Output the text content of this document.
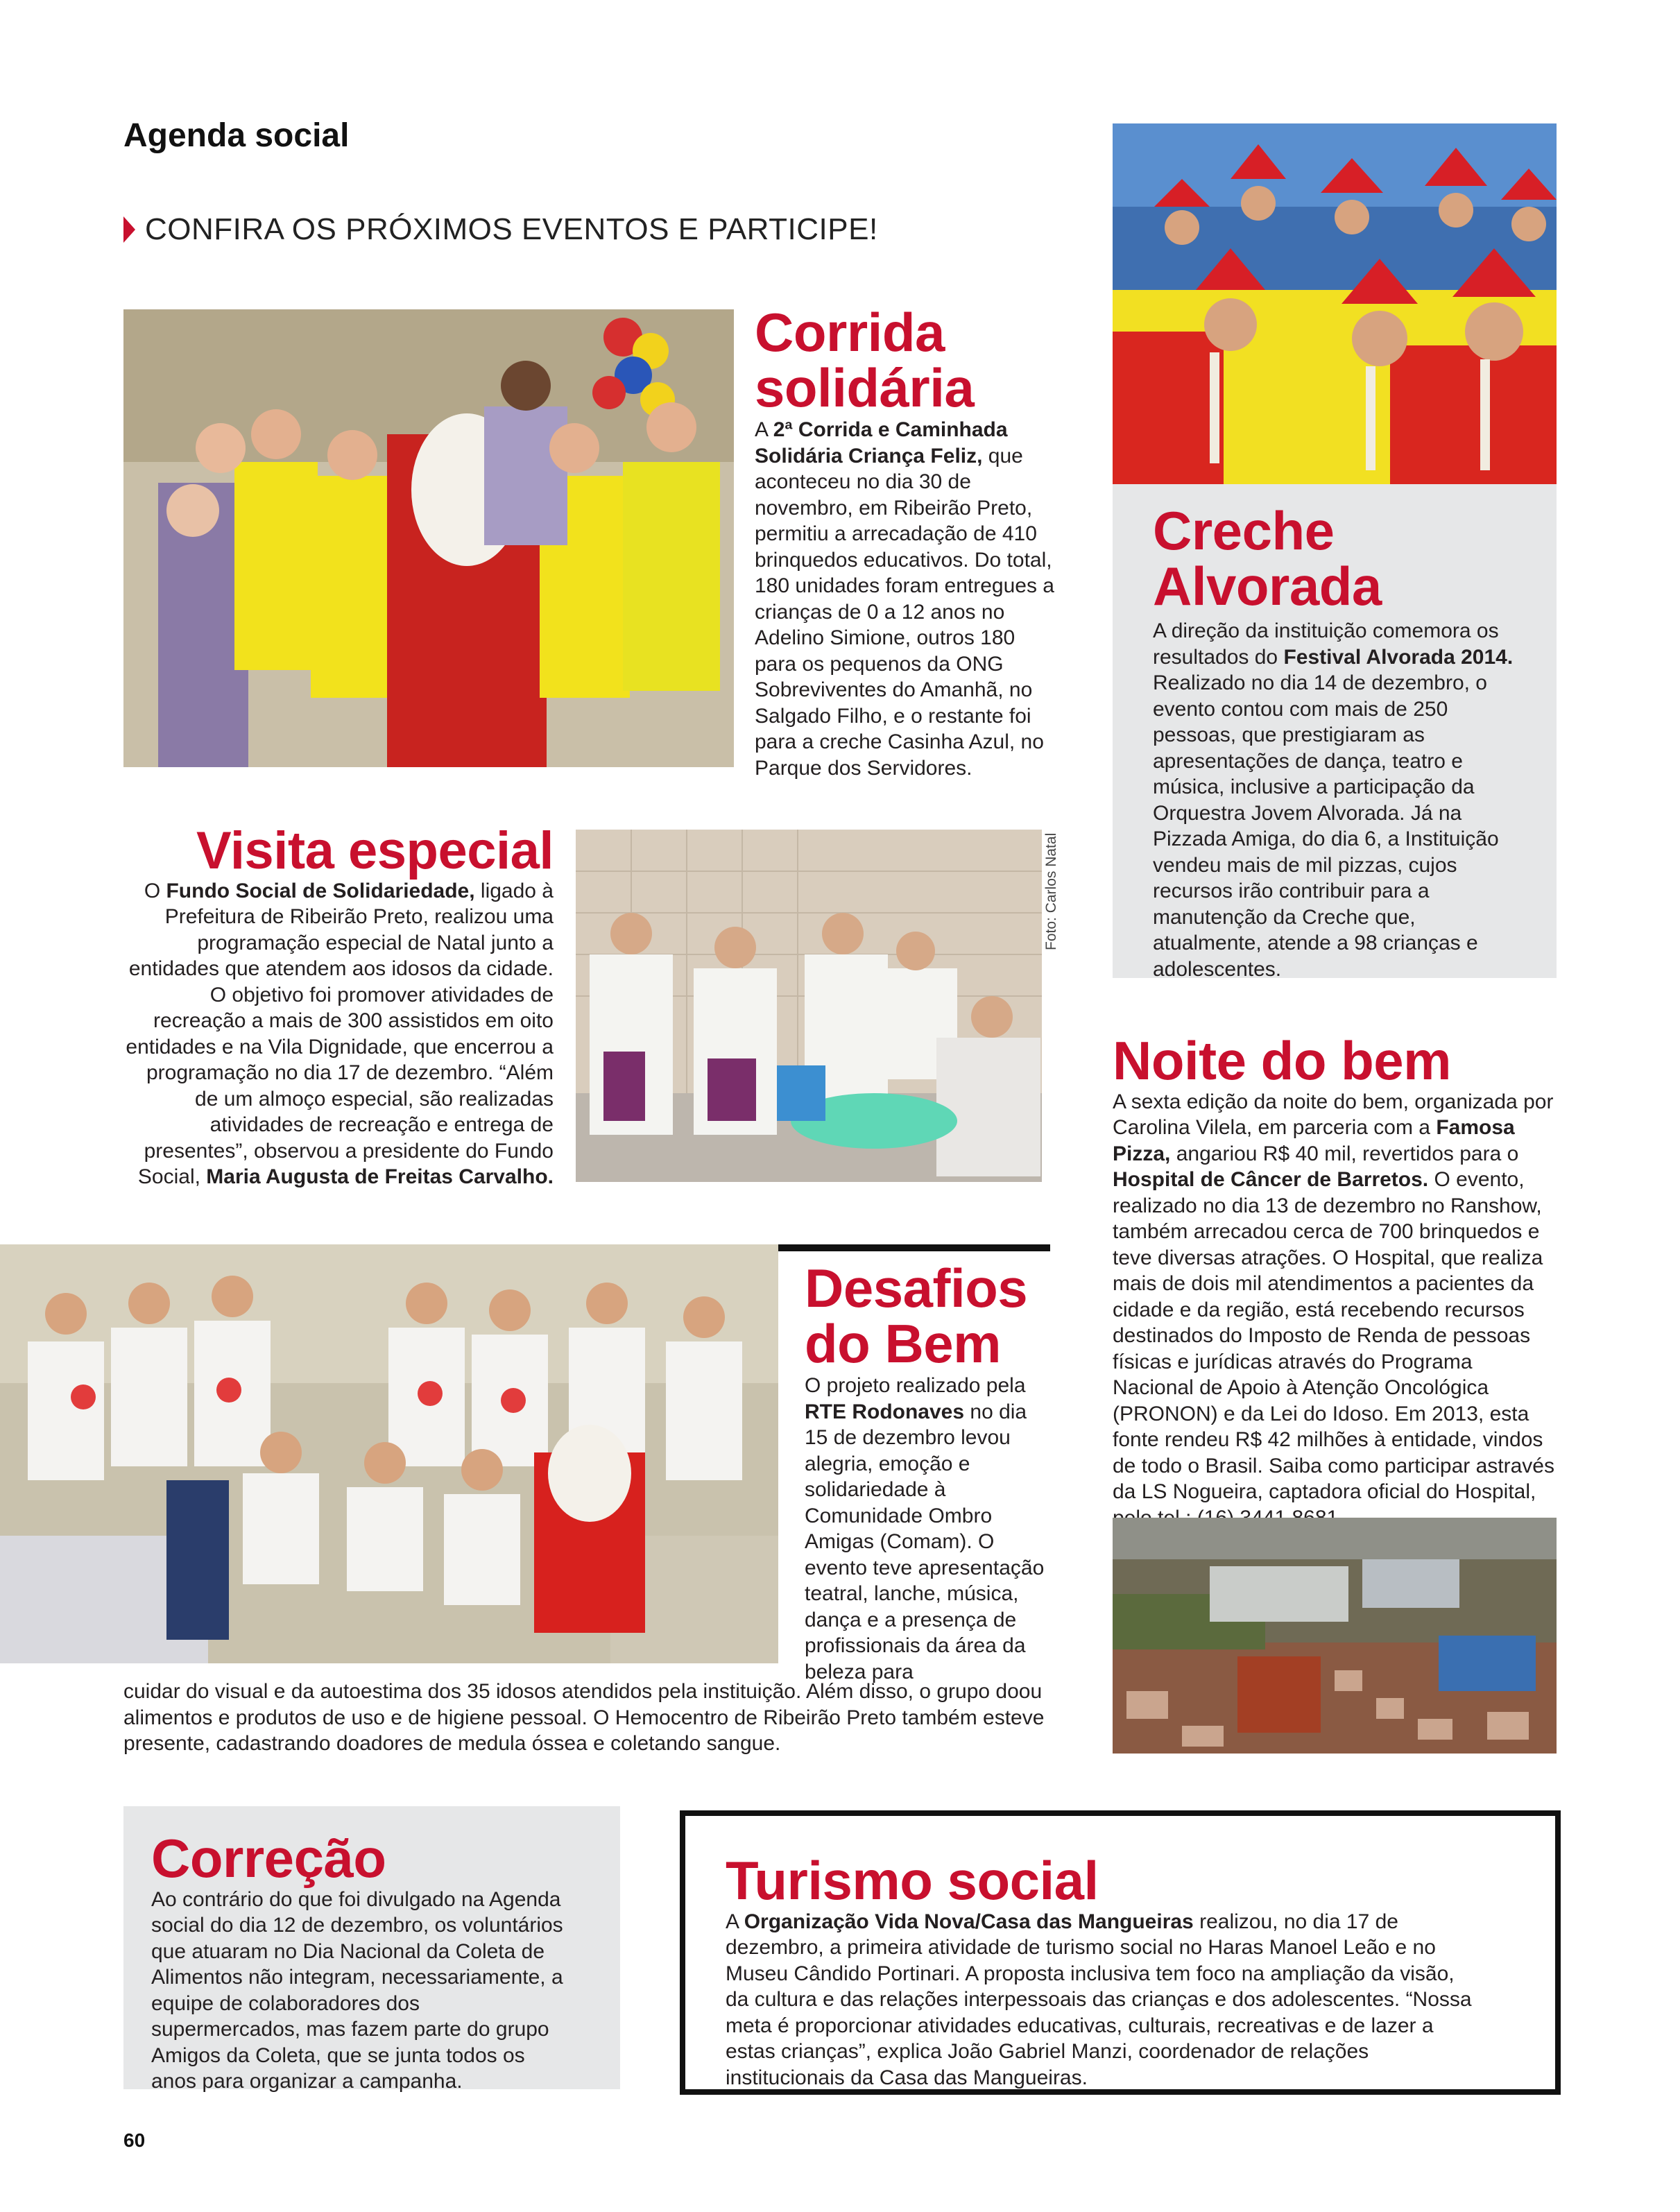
Agenda social
CONFIRA OS PRÓXIMOS EVENTOS E PARTICIPE!
Corrida
solidária
A 2ª Corrida e Caminhada Solidária Criança Feliz, que aconteceu no dia 30 de novembro, em Ribeirão Preto, permitiu a arrecadação de 410 brinquedos educativos. Do total, 180 unidades foram entregues a crianças de 0 a 12 anos no Adelino Simione, outros 180 para os pequenos da ONG Sobreviventes do Amanhã, no Salgado Filho, e o restante foi para a creche Casinha Azul, no Parque dos Servidores.
Creche
Alvorada
A direção da instituição comemora os resultados do Festival Alvorada 2014. Realizado no dia 14 de dezembro, o evento contou com mais de 250 pessoas, que prestigiaram as apresentações de dança, teatro e música, inclusive a participação da Orquestra Jovem Alvorada. Já na Pizzada Amiga, do dia 6, a Instituição vendeu mais de mil pizzas, cujos recursos irão contribuir para a manutenção da Creche que, atualmente, atende a 98 crianças e adolescentes.
Visita especial
O Fundo Social de Solidariedade, ligado à Prefeitura de Ribeirão Preto, realizou uma programação especial de Natal junto a entidades que atendem aos idosos da cidade. O objetivo foi promover atividades de recreação a mais de 300 assistidos em oito entidades e na Vila Dignidade, que encerrou a programação no dia 17 de dezembro. “Além de um almoço especial, são realizadas atividades de recreação e entrega de presentes”, observou a presidente do Fundo Social, Maria Augusta de Freitas Carvalho.
Foto: Carlos Natal
Noite do bem
A sexta edição da noite do bem, organizada por Carolina Vilela, em parceria com a Famosa Pizza, angariou R$ 40 mil, revertidos para o Hospital de Câncer de Barretos. O evento, realizado no dia 13 de dezembro no Ranshow, também arrecadou cerca de 700 brinquedos e teve diversas atrações. O Hospital, que realiza mais de dois mil atendimentos a pacientes da cidade e da região, está recebendo recursos destinados do Imposto de Renda de pessoas físicas e jurídicas através do Programa Nacional de Apoio à Atenção Oncológica (PRONON) e da Lei do Idoso. Em 2013, esta fonte rendeu R$ 42 milhões à entidade, vindos de todo o Brasil. Saiba como participar astravés da LS Nogueira, captadora oficial do Hospital,
Desafios
do Bem
O projeto realizado pela RTE Rodonaves no dia 15 de dezembro levou alegria, emoção e solidariedade à Comunidade Ombro Amigas (Comam). O evento teve apresentação teatral, lanche, música, dança e a presença de profissionais da área da beleza para
cuidar do visual e da autoestima dos 35 idosos atendidos pela instituição. Além disso, o grupo doou alimentos e produtos de uso e de higiene pessoal. O Hemocentro de Ribeirão Preto também esteve presente, cadastrando doadores de medula óssea e coletando sangue.
Correção
Ao contrário do que foi divulgado na Agenda social do dia 12 de dezembro, os voluntários que atuaram no Dia Nacional da Coleta de Alimentos não integram, necessariamente, a equipe de colaboradores dos supermercados, mas fazem parte do grupo Amigos da Coleta, que se junta todos os anos para organizar a campanha.
Turismo social
A Organização Vida Nova/Casa das Mangueiras realizou, no dia 17 de dezembro, a primeira atividade de turismo social no Haras Manoel Leão e no Museu Cândido Portinari. A proposta inclusiva tem foco na ampliação da visão, da cultura e das relações interpessoais das crianças e dos adolescentes. “Nossa meta é proporcionar atividades educativas, culturais, recreativas e de lazer a estas crianças”, explica João Gabriel Manzi, coordenador de relações institucionais da Casa das Mangueiras.
60
